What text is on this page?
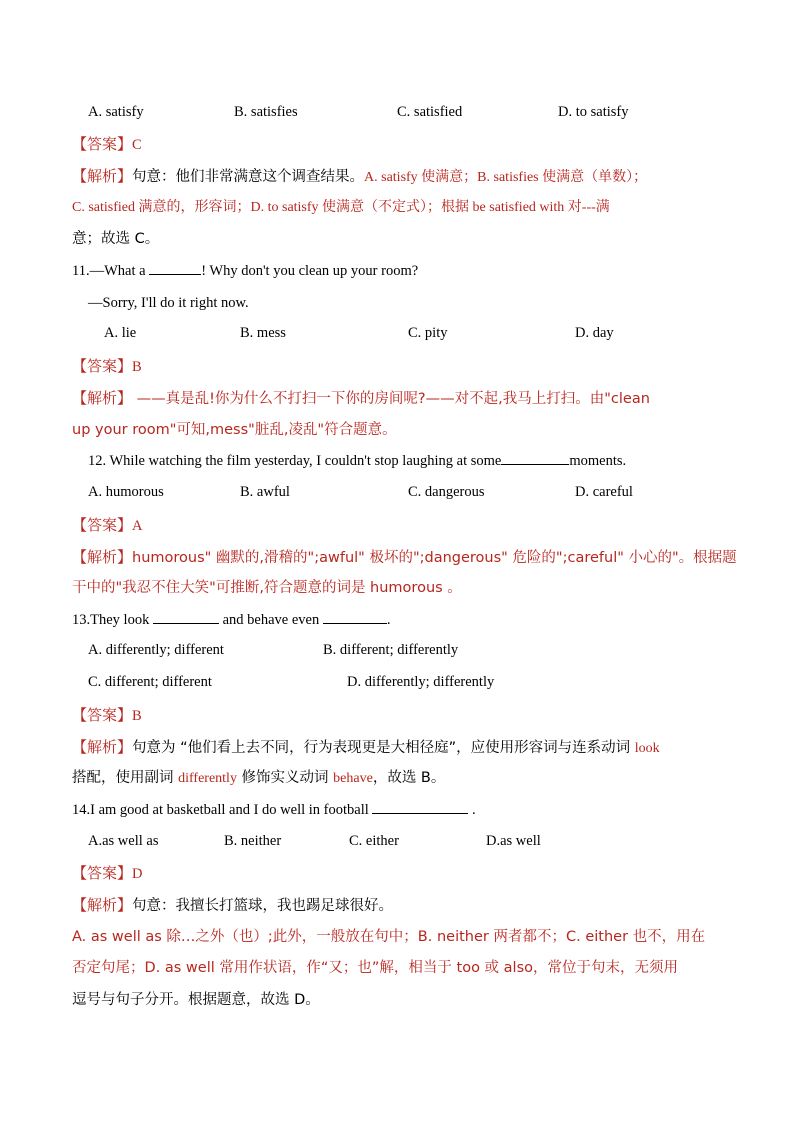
A. satisfy	B. satisfies	C. satisfied	D. to satisfy
【答案】C
【解析】句意：他们非常满意这个调查结果。A. satisfy 使满意；B. satisfies 使满意（单数）；
C. satisfied 满意的，形容词；D. to satisfy 使满意（不定式）；根据 be satisfied with 对---满
意；故选 C。
11.—What a	! Why don't you clean up your room?
—Sorry, I'll do it right now.
A. lie	B. mess	C. pity	D. day
【答案】B
【解析】 ——真是乱!你为什么不打扫一下你的房间呢?——对不起,我马上打扫。由"clean
up your room"可知,mess"脏乱,凌乱"符合题意。
12. While watching the film yesterday, I couldn't stop laughing at some	moments.
A. humorous	B. awful	C. dangerous	D. careful
【答案】A
【解析】humorous" 幽默的,滑稽的";awful" 极坏的";dangerous" 危险的";careful" 小心的"。根据题
干中的"我忍不住大笑"可推断,符合题意的词是 humorous 。
13.They look	and behave even	.
A. differently; different	B. different; differently
C. different; different	D. differently; differently
【答案】B
【解析】句意为 “他们看上去不同，行为表现更是大相径庭”，应使用形容词与连系动词 look
搭配，使用副词 differently 修饰实义动词 behave，故选 B。
14.I am good at basketball and I do well in football	.
A.as well as	B. neither	C. either	D.as well
【答案】D
【解析】句意：我擅长打篮球，我也踢足球很好。
A. as well as 除…之外（也）;此外，一般放在句中；B. neither 两者都不；C. either 也不，用在
否定句尾；D. as well 常用作状语，作“又；也”解，相当于 too 或 also，常位于句末，无须用
逗号与句子分开。根据题意，故选 D。
